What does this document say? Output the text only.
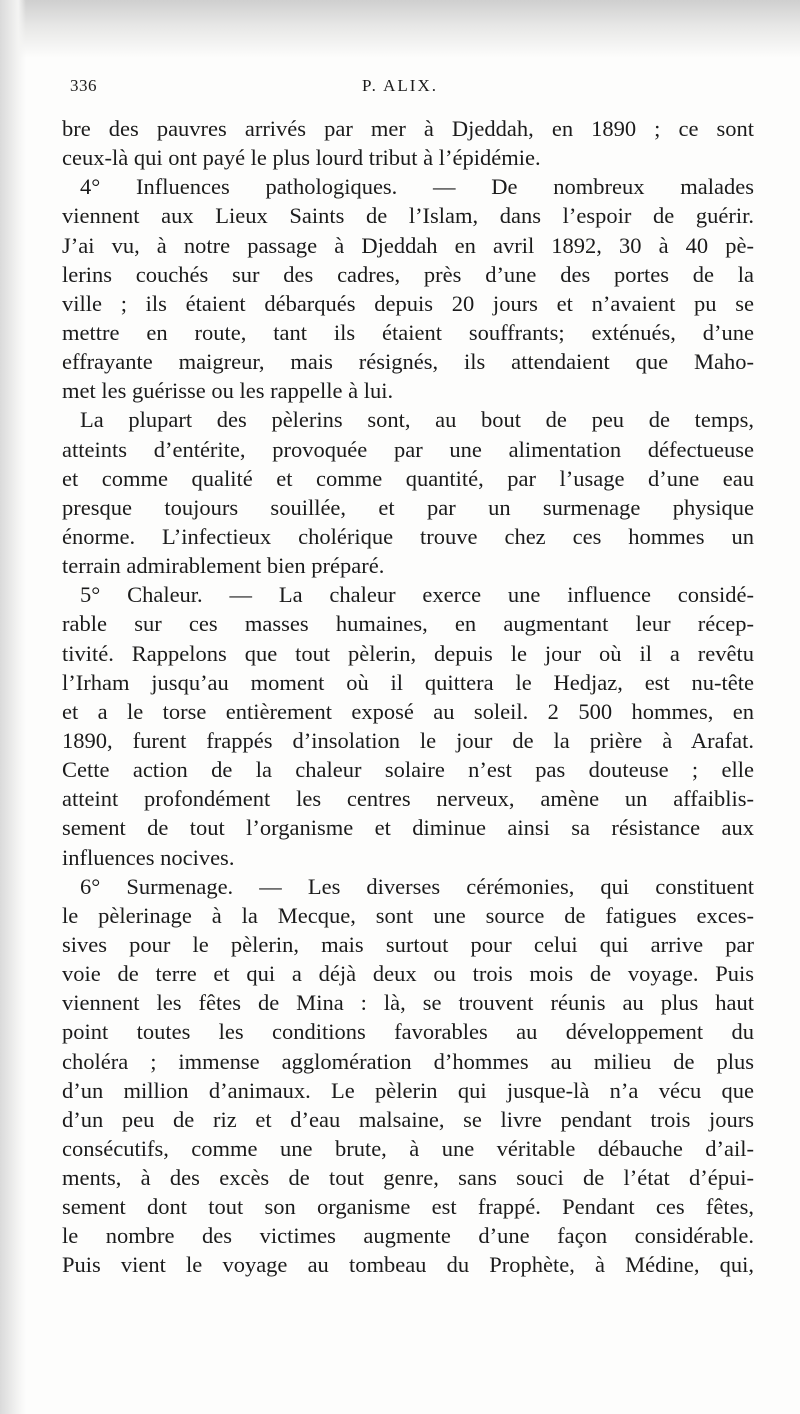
336	P. ALIX.
bre des pauvres arrivés par mer à Djeddah, en 1890 ; ce sont
ceux-là qui ont payé le plus lourd tribut à l’épidémie.
4° Influences pathologiques. — De nombreux malades
viennent aux Lieux Saints de l’Islam, dans l’espoir de guérir.
J’ai vu, à notre passage à Djeddah en avril 1892, 30 à 40 pè-
lerins couchés sur des cadres, près d’une des portes de la
ville ; ils étaient débarqués depuis 20 jours et n’avaient pu se
mettre en route, tant ils étaient souffrants; exténués, d’une
effrayante maigreur, mais résignés, ils attendaient que Maho-
met les guérisse ou les rappelle à lui.
La plupart des pèlerins sont, au bout de peu de temps,
atteints d’entérite, provoquée par une alimentation défectueuse
et comme qualité et comme quantité, par l’usage d’une eau
presque toujours souillée, et par un surmenage physique
énorme. L’infectieux cholérique trouve chez ces hommes un
terrain admirablement bien préparé.
5° Chaleur. — La chaleur exerce une influence considé-
rable sur ces masses humaines, en augmentant leur récep-
tivité. Rappelons que tout pèlerin, depuis le jour où il a revêtu
l’Irham jusqu’au moment où il quittera le Hedjaz, est nu-tête
et a le torse entièrement exposé au soleil. 2 500 hommes, en
1890, furent frappés d’insolation le jour de la prière à Arafat.
Cette action de la chaleur solaire n’est pas douteuse ; elle
atteint profondément les centres nerveux, amène un affaiblis-
sement de tout l’organisme et diminue ainsi sa résistance aux
influences nocives.
6° Surmenage. — Les diverses cérémonies, qui constituent
le pèlerinage à la Mecque, sont une source de fatigues exces-
sives pour le pèlerin, mais surtout pour celui qui arrive par
voie de terre et qui a déjà deux ou trois mois de voyage. Puis
viennent les fêtes de Mina : là, se trouvent réunis au plus haut
point toutes les conditions favorables au développement du
choléra ; immense agglomération d’hommes au milieu de plus
d’un million d’animaux. Le pèlerin qui jusque-là n’a vécu que
d’un peu de riz et d’eau malsaine, se livre pendant trois jours
consécutifs, comme une brute, à une véritable débauche d’ail-
ments, à des excès de tout genre, sans souci de l’état d’épui-
sement dont tout son organisme est frappé. Pendant ces fêtes,
le nombre des victimes augmente d’une façon considérable.
Puis vient le voyage au tombeau du Prophète, à Médine, qui,
